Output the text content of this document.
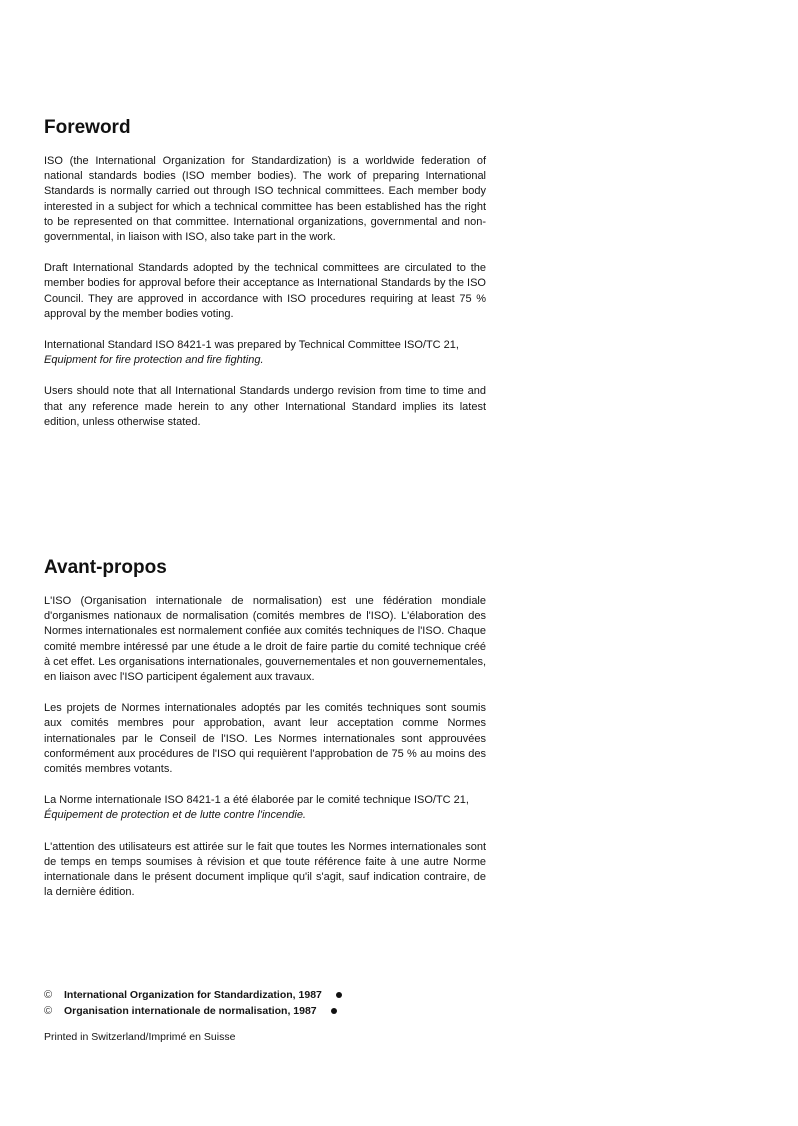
Foreword

ISO (the International Organization for Standardization) is a worldwide federation of national standards bodies (ISO member bodies). The work of preparing International Standards is normally carried out through ISO technical committees. Each member body interested in a subject for which a technical committee has been established has the right to be represented on that committee. International organizations, governmental and non-governmental, in liaison with ISO, also take part in the work.

Draft International Standards adopted by the technical committees are circulated to the member bodies for approval before their acceptance as International Standards by the ISO Council. They are approved in accordance with ISO procedures requiring at least 75 % approval by the member bodies voting.

International Standard ISO 8421-1 was prepared by Technical Committee ISO/TC 21,
Equipment for fire protection and fire fighting.

Users should note that all International Standards undergo revision from time to time and that any reference made herein to any other International Standard implies its latest edition, unless otherwise stated.

Avant-propos

L'ISO (Organisation internationale de normalisation) est une fédération mondiale d'organismes nationaux de normalisation (comités membres de l'ISO). L'élaboration des Normes internationales est normalement confiée aux comités techniques de l'ISO. Chaque comité membre intéressé par une étude a le droit de faire partie du comité technique créé à cet effet. Les organisations internationales, gouvernementales et non gouvernementales, en liaison avec l'ISO participent également aux travaux.

Les projets de Normes internationales adoptés par les comités techniques sont soumis aux comités membres pour approbation, avant leur acceptation comme Normes internationales par le Conseil de l'ISO. Les Normes internationales sont approuvées conformément aux procédures de l'ISO qui requièrent l'approbation de 75 % au moins des comités membres votants.

La Norme internationale ISO 8421-1 a été élaborée par le comité technique ISO/TC 21,
Équipement de protection et de lutte contre l'incendie.

L'attention des utilisateurs est attirée sur le fait que toutes les Normes internationales sont de temps en temps soumises à révision et que toute référence faite à une autre Norme internationale dans le présent document implique qu'il s'agit, sauf indication contraire, de la dernière édition.

©	International Organization for Standardization, 1987
©	Organisation internationale de normalisation, 1987
Printed in Switzerland/Imprimé en Suisse
